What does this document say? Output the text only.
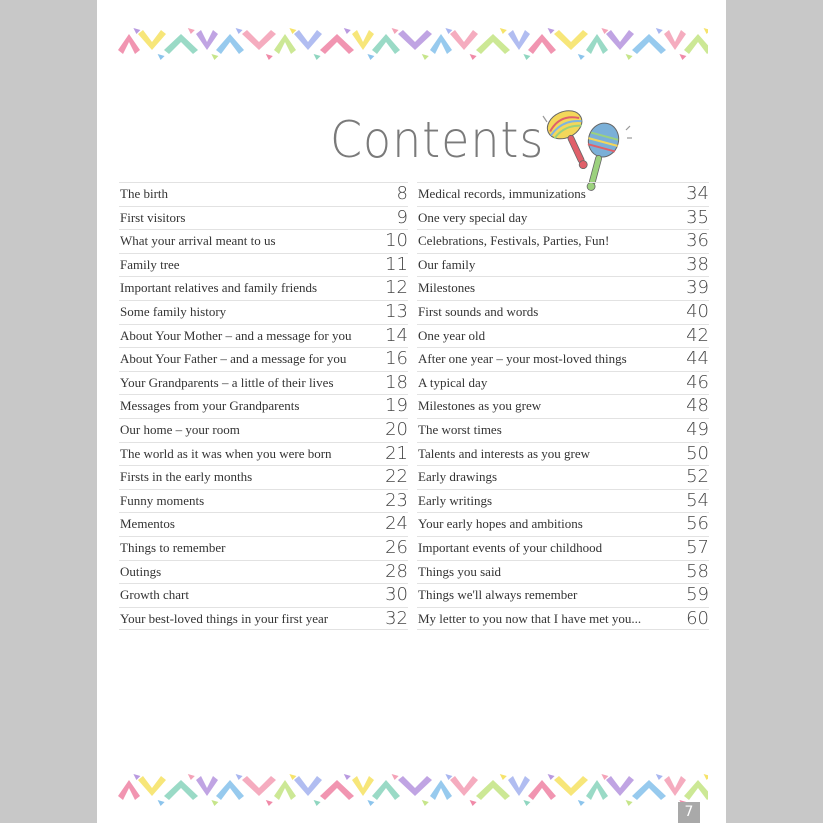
Contents
The birth	8
First visitors	9
What your arrival meant to us	10
Family tree	11
Important relatives and family friends	12
Some family history	13
About Your Mother – and a message for you 14
About Your Father – and a message for you 16
Your Grandparents – a little of their lives	18
Messages from your Grandparents	19
Our home – your room	20
The world as it was when you were born	21
Firsts in the early months	22
Funny moments	23
Mementos	24
Things to remember	26
Outings	28
Growth chart	30
Your best-loved things in your first year	32
Medical records, immunizations	34
One very special day	35
Celebrations, Festivals, Parties, Fun!	36
Our family	38
Milestones	39
First sounds and words	40
One year old	42
After one year – your most-loved things	44
A typical day	46
Milestones as you grew	48
The worst times	49
Talents and interests as you grew	50
Early drawings	52
Early writings	54
Your early hopes and ambitions	56
Important events of your childhood	57
Things you said	58
Things we'll always remember	59
My letter to you now that I have met you... 60
7
